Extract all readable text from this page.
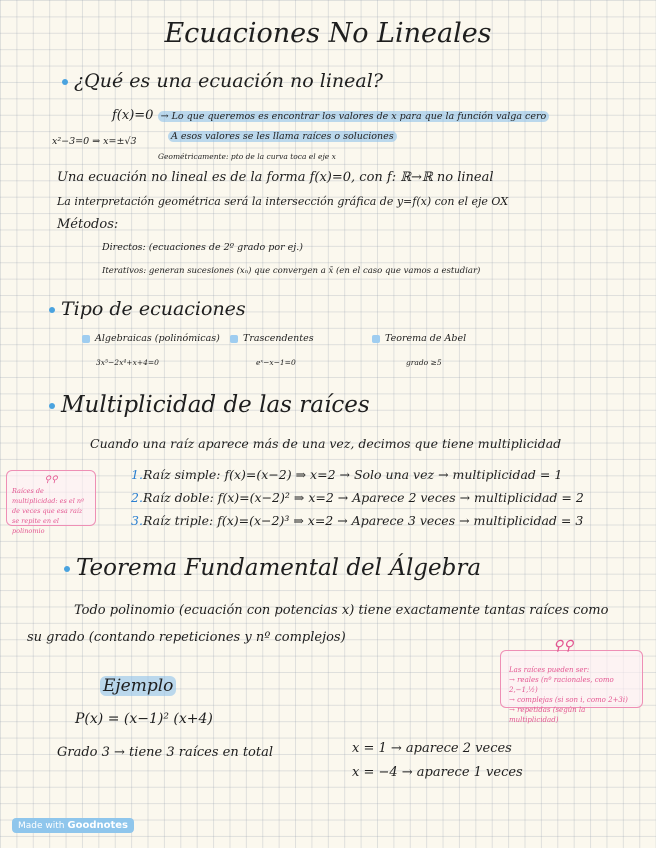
Ecuaciones No Lineales
¿Qué es una ecuación no lineal?
f(x)=0 → Lo que queremos es encontrar los valores de x para que la función valga cero
x²−3=0 ⇒ x=±√3	A esos valores se les llama raíces o soluciones
Geométricamente: pto de la curva toca el eje x
Una ecuación no lineal es de la forma f(x)=0, con f: ℝ→ℝ no lineal
La interpretación geométrica será la intersección gráfica de y=f(x) con el eje OX
Métodos:
Directos: (ecuaciones de 2º grado por ej.)
Iterativos: generan sucesiones (xₙ) que convergen a x̄ (en el caso que vamos a estudiar)
Tipo de ecuaciones
Algebraicas (polinómicas)
3x⁵−2x⁴+x+4=0
Trascendentes
eˣ−x−1=0
Teorema de Abel
grado ≥5
Multiplicidad de las raíces
Cuando una raíz aparece más de una vez, decimos que tiene multiplicidad
⚲⚲
Raíces de multiplicidad: es el nº de veces que esa raíz se repite en el polinomio
1.Raíz simple: f(x)=(x−2) ⇒ x=2 → Solo una vez → multiplicidad = 1
2.Raíz doble: f(x)=(x−2)² ⇒ x=2 → Aparece 2 veces → multiplicidad = 2
3.Raíz triple: f(x)=(x−2)³ ⇒ x=2 → Aparece 3 veces → multiplicidad = 3
Teorema Fundamental del Álgebra
Todo polinomio (ecuación con potencias x) tiene exactamente tantas raíces como
su grado (contando repeticiones y nº complejos)
⚲⚲
Las raíces pueden ser:
→ reales (nº racionales, como 2,−1,½)
→ complejas (si son i, como 2+3i)
→ repetidas (según la multiplicidad)
Ejemplo
P(x) = (x−1)² (x+4)
Grado 3 → tiene 3 raíces en total	x = 1 → aparece 2 veces
x = −4 → aparece 1 veces
Made with Goodnotes
